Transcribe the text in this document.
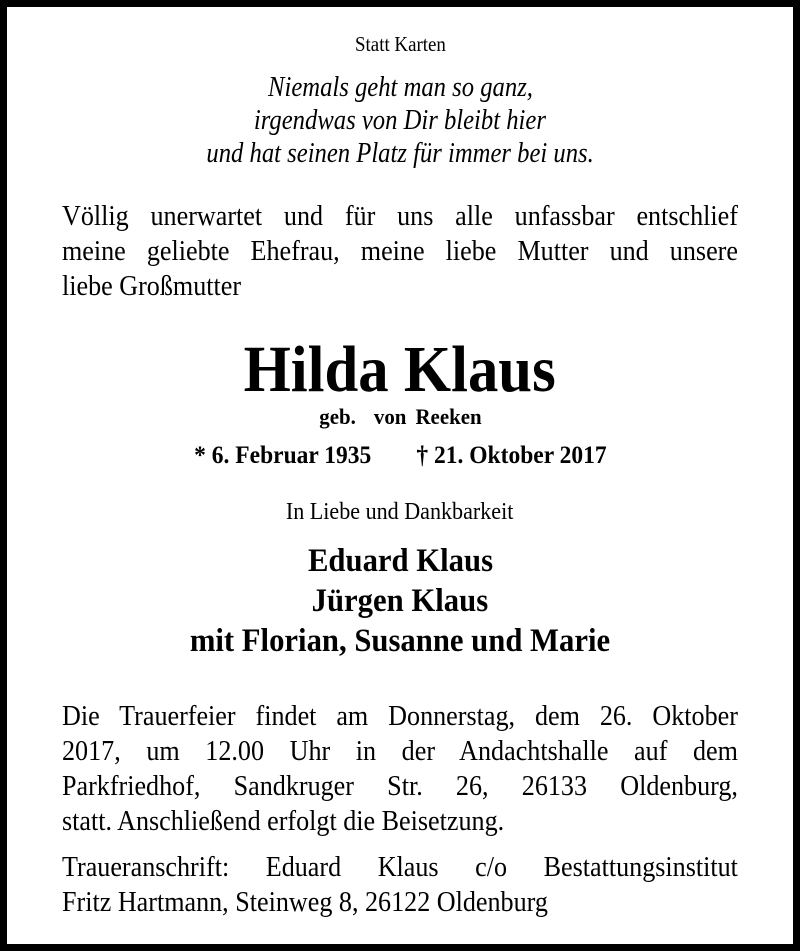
Statt Karten
Niemals geht man so ganz,
irgendwas von Dir bleibt hier
und hat seinen Platz für immer bei uns.
Völlig unerwartet und für uns alle unfassbar entschlief
meine geliebte Ehefrau, meine liebe Mutter und unsere
liebe Großmutter
Hilda Klaus
geb.  von Reeken
* 6. Februar 1935 † 21. Oktober 2017
In Liebe und Dankbarkeit
Eduard Klaus
Jürgen Klaus
mit Florian, Susanne und Marie
Die Trauerfeier findet am Donnerstag, dem 26. Oktober
2017, um 12.00 Uhr in der Andachtshalle auf dem
Parkfriedhof, Sandkruger Str. 26, 26133 Oldenburg,
statt. Anschließend erfolgt die Beisetzung.
Traueranschrift: Eduard Klaus c/o Bestattungsinstitut
Fritz Hartmann, Steinweg 8, 26122 Oldenburg
